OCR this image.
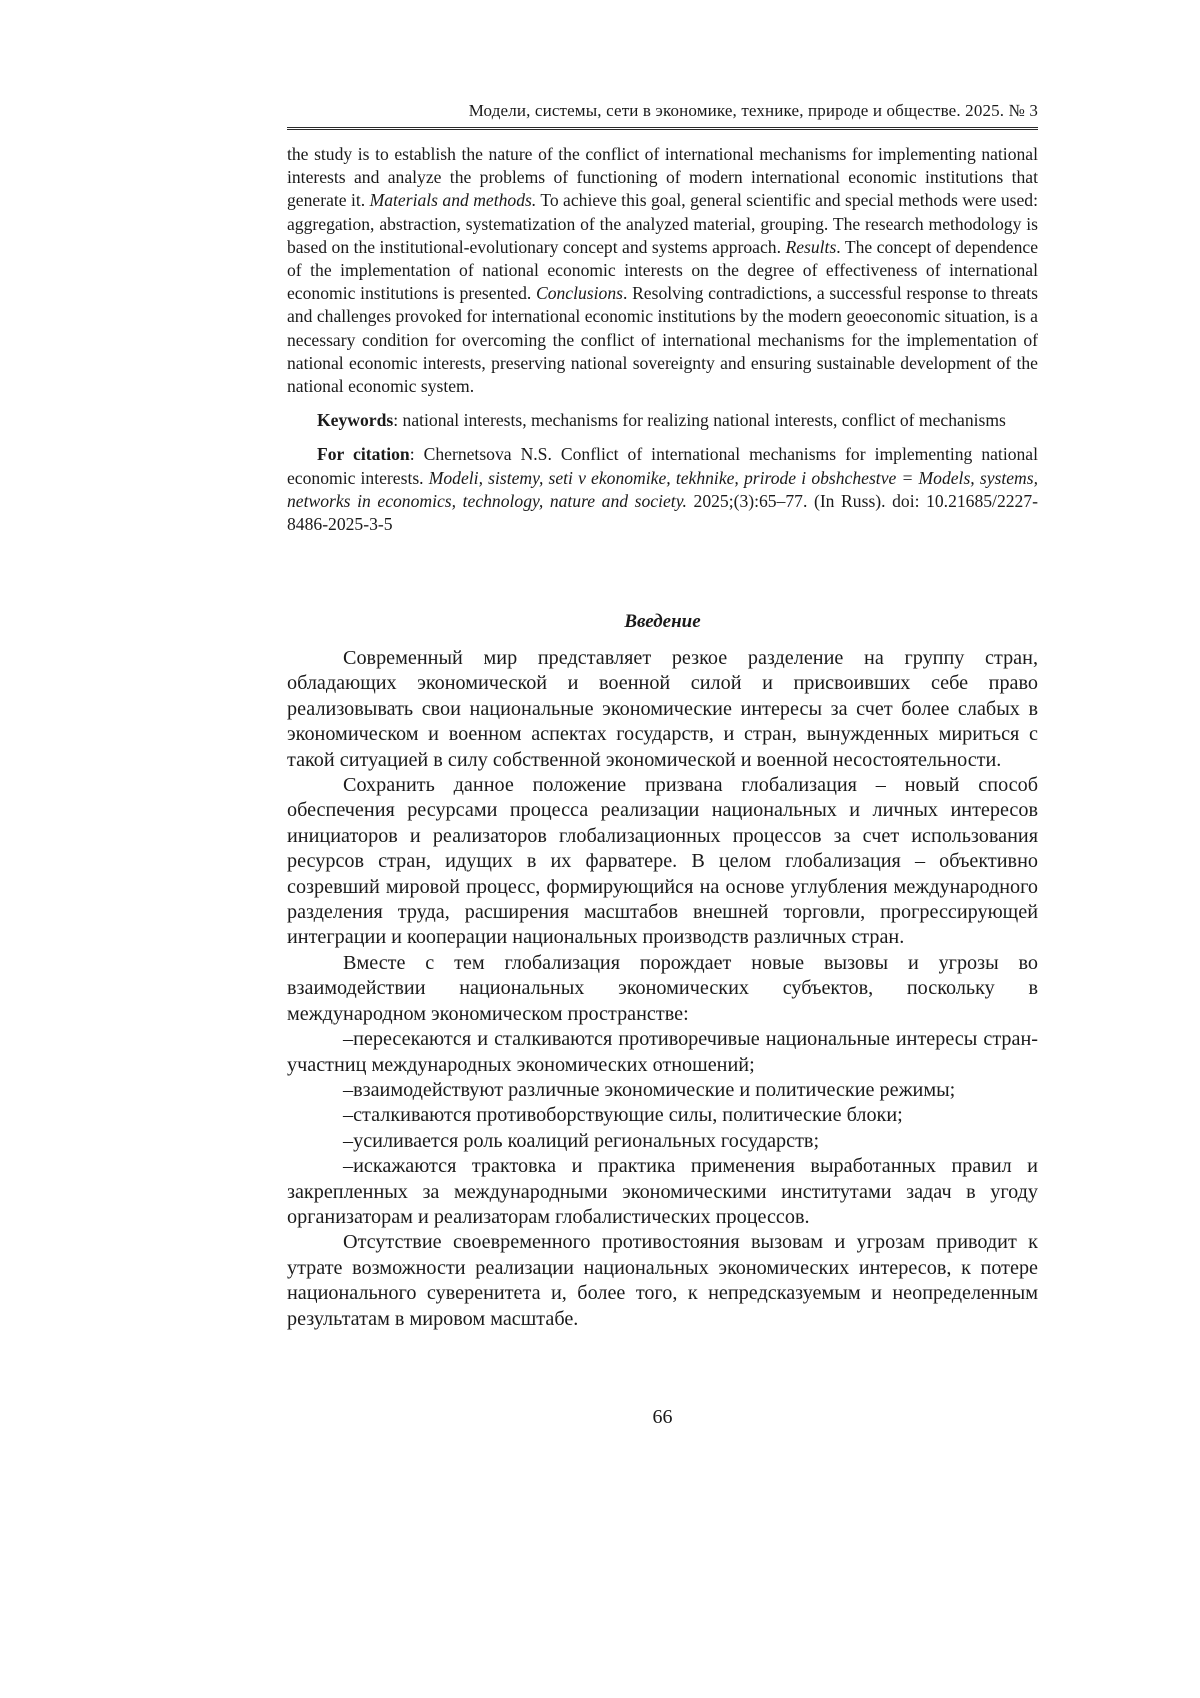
Модели, системы, сети в экономике, технике, природе и обществе. 2025. № 3

the study is to establish the nature of the conflict of international mechanisms for implementing national interests and analyze the problems of functioning of modern international economic institutions that generate it. Materials and methods. To achieve this goal, general scientific and special methods were used: aggregation, abstraction, systematization of the analyzed material, grouping. The research methodology is based on the institutional-evolutionary concept and systems approach. Results. The concept of dependence of the implementation of national economic interests on the degree of effectiveness of international economic institutions is presented. Conclusions. Resolving contradictions, a successful response to threats and challenges provoked for international economic institutions by the modern geoeconomic situation, is a necessary condition for overcoming the conflict of international mechanisms for the implementation of national economic interests, preserving national sovereignty and ensuring sustainable development of the national economic system.

Keywords: national interests, mechanisms for realizing national interests, conflict of mechanisms

For citation: Chernetsova N.S. Conflict of international mechanisms for implementing national economic interests. Modeli, sistemy, seti v ekonomike, tekhnike, prirode i obshchestve = Models, systems, networks in economics, technology, nature and society. 2025;(3):65–77. (In Russ). doi: 10.21685/2227-8486-2025-3-5

Введение

Современный мир представляет резкое разделение на группу стран, обладающих экономической и военной силой и присвоивших себе право реализовывать свои национальные экономические интересы за счет более слабых в экономическом и военном аспектах государств, и стран, вынужденных мириться с такой ситуацией в силу собственной экономической и военной несостоятельности.

Сохранить данное положение призвана глобализация – новый способ обеспечения ресурсами процесса реализации национальных и личных интересов инициаторов и реализаторов глобализационных процессов за счет использования ресурсов стран, идущих в их фарватере. В целом глобализация – объективно созревший мировой процесс, формирующийся на основе углубления международного разделения труда, расширения масштабов внешней торговли, прогрессирующей интеграции и кооперации национальных производств различных стран.

Вместе с тем глобализация порождает новые вызовы и угрозы во взаимодействии национальных экономических субъектов, поскольку в международном экономическом пространстве:

–пересекаются и сталкиваются противоречивые национальные интересы стран-участниц международных экономических отношений;

–взаимодействуют различные экономические и политические режимы;

–сталкиваются противоборствующие силы, политические блоки;

–усиливается роль коалиций региональных государств;

–искажаются трактовка и практика применения выработанных правил и закрепленных за международными экономическими институтами задач в угоду организаторам и реализаторам глобалистических процессов.

Отсутствие своевременного противостояния вызовам и угрозам приводит к утрате возможности реализации национальных экономических интересов, к потере национального суверенитета и, более того, к непредсказуемым и неопределенным результатам в мировом масштабе.

66
